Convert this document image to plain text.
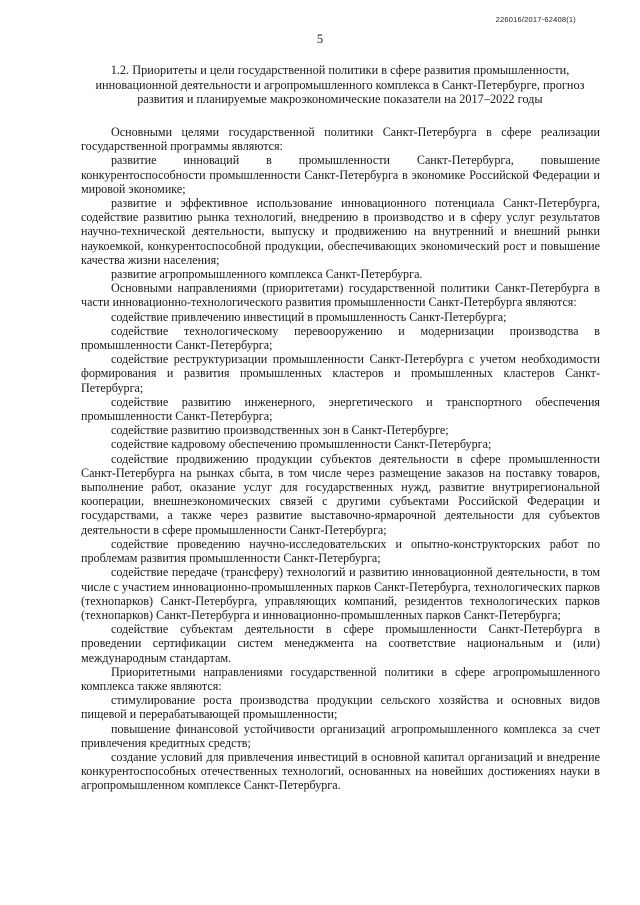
226016/2017-62408(1)
5
1.2. Приоритеты и цели государственной политики в сфере развития промышленности, инновационной деятельности и агропромышленного комплекса в Санкт-Петербурге, прогноз развития и планируемые макроэкономические показатели на 2017–2022 годы

Основными целями государственной политики Санкт-Петербурга в сфере реализации государственной программы являются:

развитие инноваций в промышленности Санкт-Петербурга, повышение конкурентоспособности промышленности Санкт-Петербурга в экономике Российской Федерации и мировой экономике;

развитие и эффективное использование инновационного потенциала Санкт-Петербурга, содействие развитию рынка технологий, внедрению в производство и в сферу услуг результатов научно-технической деятельности, выпуску и продвижению на внутренний и внешний рынки наукоемкой, конкурентоспособной продукции, обеспечивающих экономический рост и повышение качества жизни населения;

развитие агропромышленного комплекса Санкт-Петербурга.

Основными направлениями (приоритетами) государственной политики Санкт-Петербурга в части инновационно-технологического развития промышленности Санкт-Петербурга являются:

содействие привлечению инвестиций в промышленность Санкт-Петербурга;

содействие технологическому перевооружению и модернизации производства в промышленности Санкт-Петербурга;

содействие реструктуризации промышленности Санкт-Петербурга с учетом необходимости формирования и развития промышленных кластеров и промышленных кластеров Санкт-Петербурга;

содействие развитию инженерного, энергетического и транспортного обеспечения промышленности Санкт-Петербурга;

содействие развитию производственных зон в Санкт-Петербурге;

содействие кадровому обеспечению промышленности Санкт-Петербурга;

содействие продвижению продукции субъектов деятельности в сфере промышленности Санкт-Петербурга на рынках сбыта, в том числе через размещение заказов на поставку товаров, выполнение работ, оказание услуг для государственных нужд, развитие внутрирегиональной кооперации, внешнеэкономических связей с другими субъектами Российской Федерации и государствами, а также через развитие выставочно-ярмарочной деятельности для субъектов деятельности в сфере промышленности Санкт-Петербурга;

содействие проведению научно-исследовательских и опытно-конструкторских работ по проблемам развития промышленности Санкт-Петербурга;

содействие передаче (трансферу) технологий и развитию инновационной деятельности, в том числе с участием инновационно-промышленных парков Санкт-Петербурга, технологических парков (технопарков) Санкт-Петербурга, управляющих компаний, резидентов технологических парков (технопарков) Санкт-Петербурга и инновационно-промышленных парков Санкт-Петербурга;

содействие субъектам деятельности в сфере промышленности Санкт-Петербурга в проведении сертификации систем менеджмента на соответствие национальным и (или) международным стандартам.

Приоритетными направлениями государственной политики в сфере агропромышленного комплекса также являются:

стимулирование роста производства продукции сельского хозяйства и основных видов пищевой и перерабатывающей промышленности;

повышение финансовой устойчивости организаций агропромышленного комплекса за счет привлечения кредитных средств;

создание условий для привлечения инвестиций в основной капитал организаций и внедрение конкурентоспособных отечественных технологий, основанных на новейших достижениях науки в агропромышленном комплексе Санкт-Петербурга.
